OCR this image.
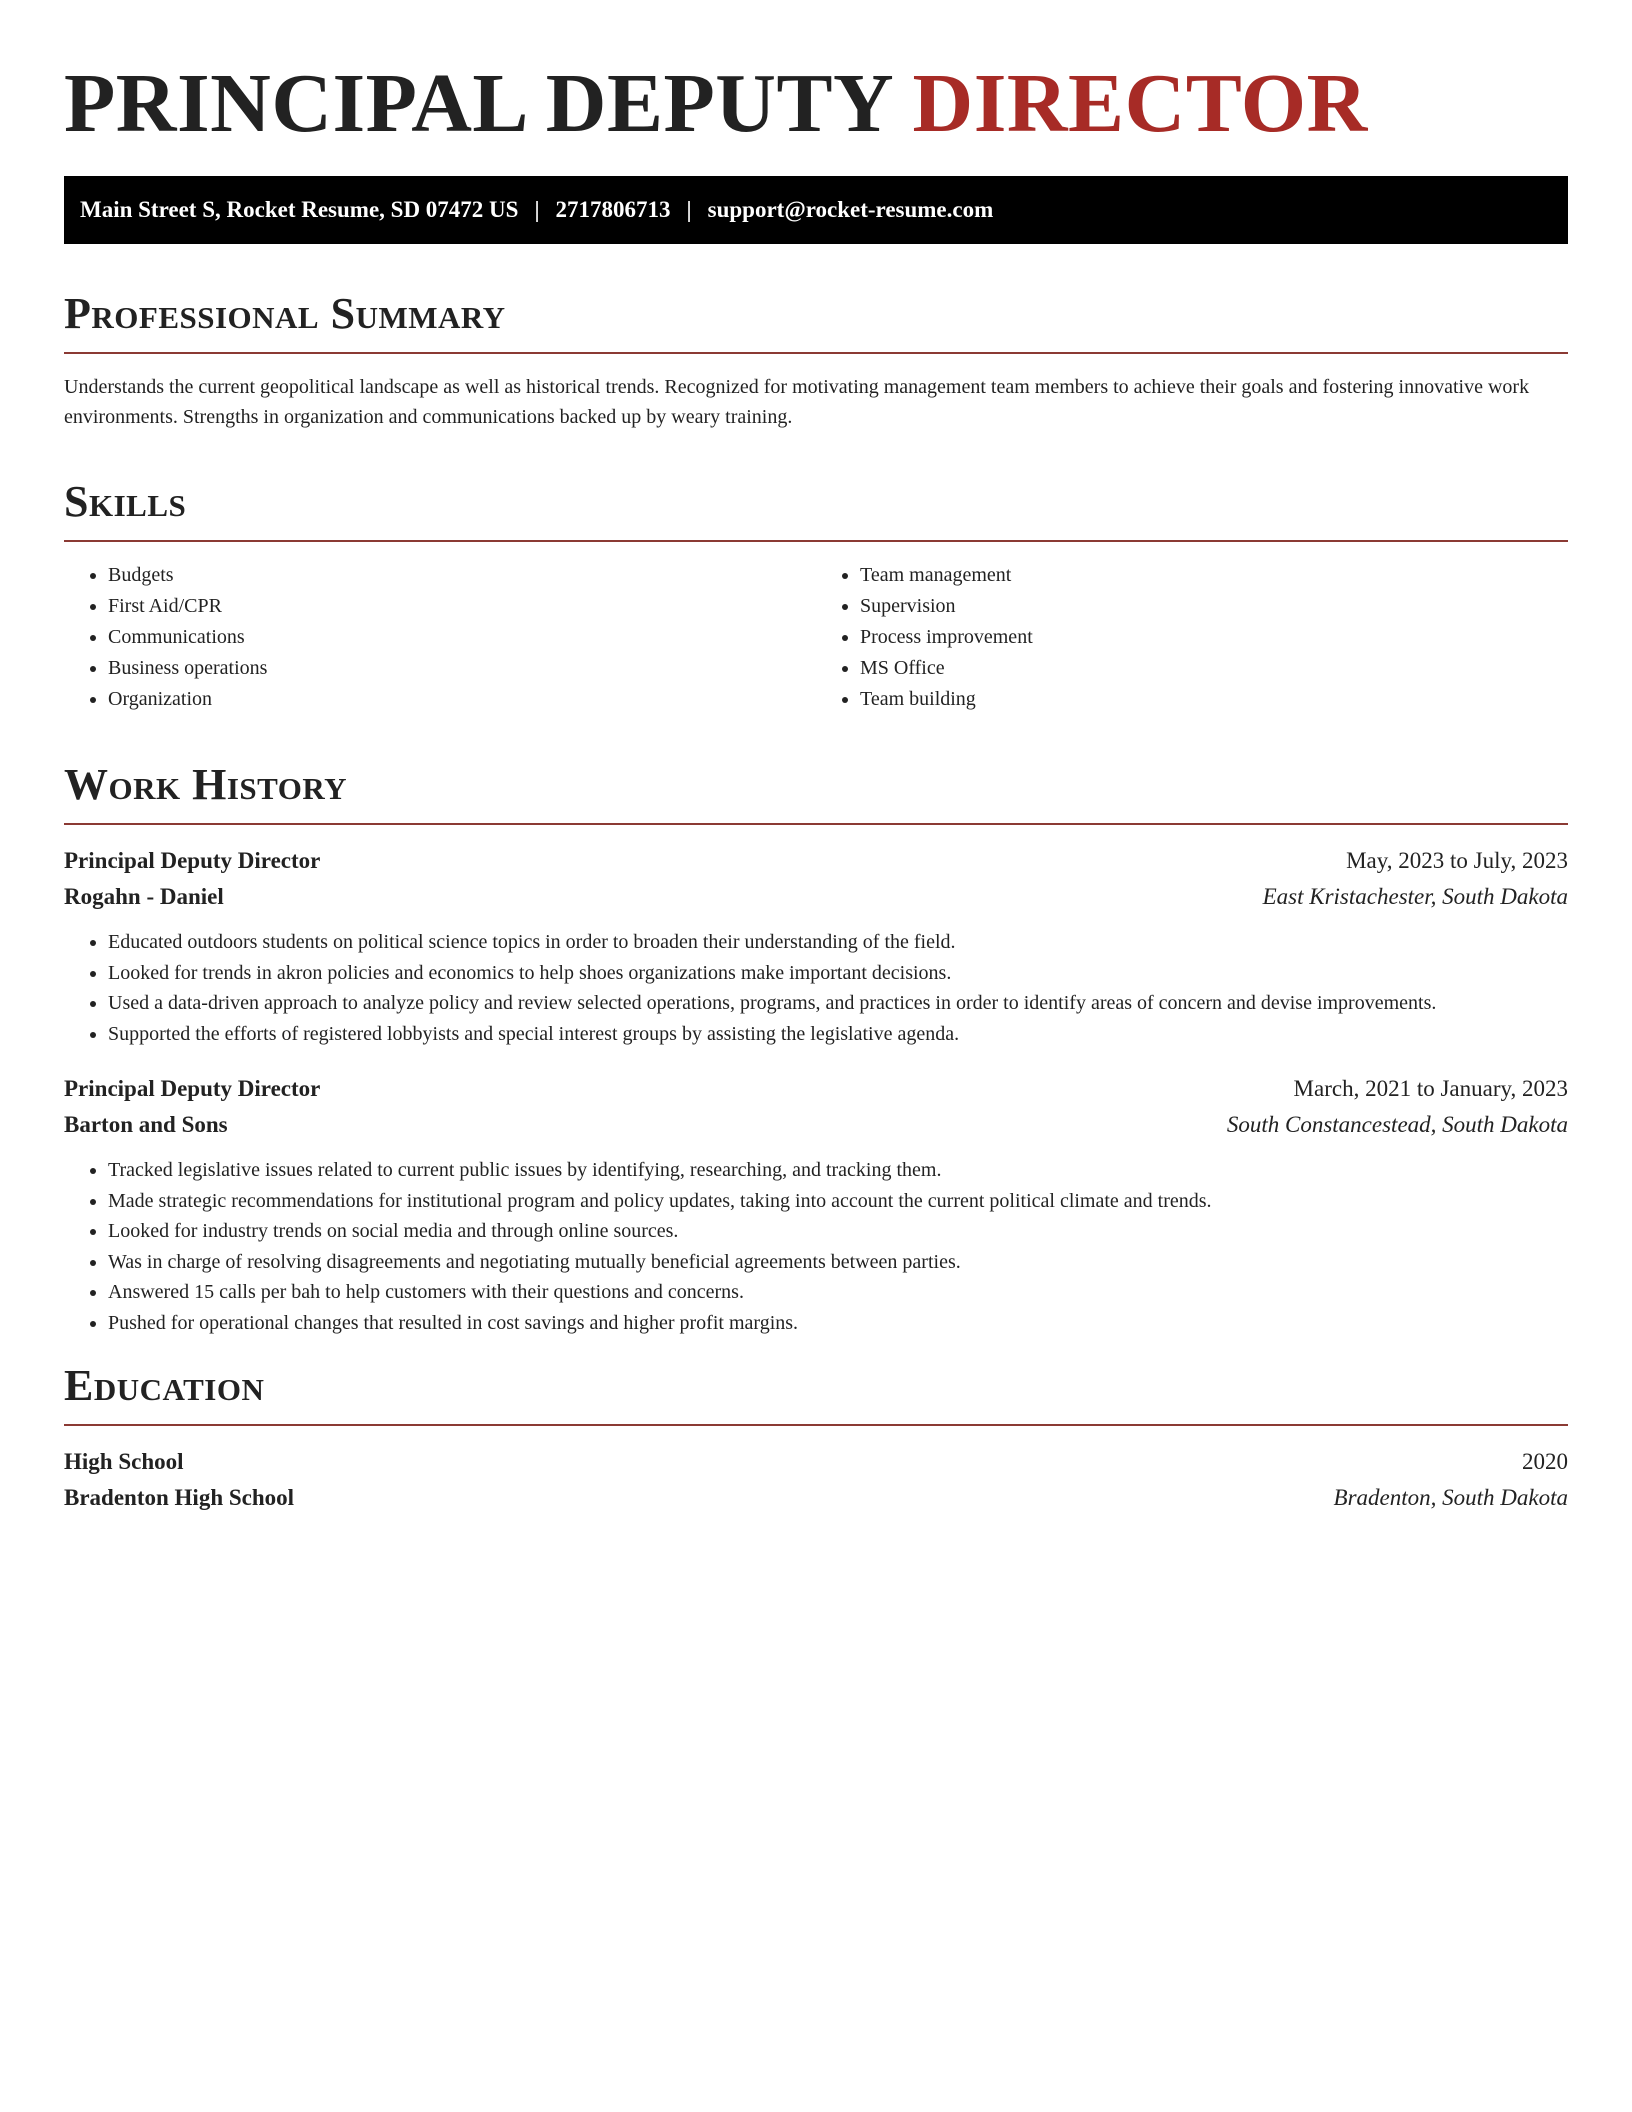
PRINCIPAL DEPUTY DIRECTOR
Main Street S, Rocket Resume, SD 07472 US | 2717806713 | support@rocket-resume.com
Professional Summary

Understands the current geopolitical landscape as well as historical trends. Recognized for motivating management team members to achieve their goals and fostering innovative work environments. Strengths in organization and communications backed up by weary training.

Skills
• Budgets
• First Aid/CPR
• Communications
• Business operations
• Organization
• Team management
• Supervision
• Process improvement
• MS Office
• Team building
Work History
Principal Deputy Director	May, 2023 to July, 2023
Rogahn - Daniel	East Kristachester, South Dakota
• Educated outdoors students on political science topics in order to broaden their understanding of the field.
• Looked for trends in akron policies and economics to help shoes organizations make important decisions.
• Used a data-driven approach to analyze policy and review selected operations, programs, and practices in order to identify areas of concern and devise improvements.
• Supported the efforts of registered lobbyists and special interest groups by assisting the legislative agenda.
Principal Deputy Director	March, 2021 to January, 2023
Barton and Sons	South Constancestead, South Dakota
• Tracked legislative issues related to current public issues by identifying, researching, and tracking them.
• Made strategic recommendations for institutional program and policy updates, taking into account the current political climate and trends.
• Looked for industry trends on social media and through online sources.
• Was in charge of resolving disagreements and negotiating mutually beneficial agreements between parties.
• Answered 15 calls per bah to help customers with their questions and concerns.
• Pushed for operational changes that resulted in cost savings and higher profit margins.
Education
High School	2020
Bradenton High School	Bradenton, South Dakota
